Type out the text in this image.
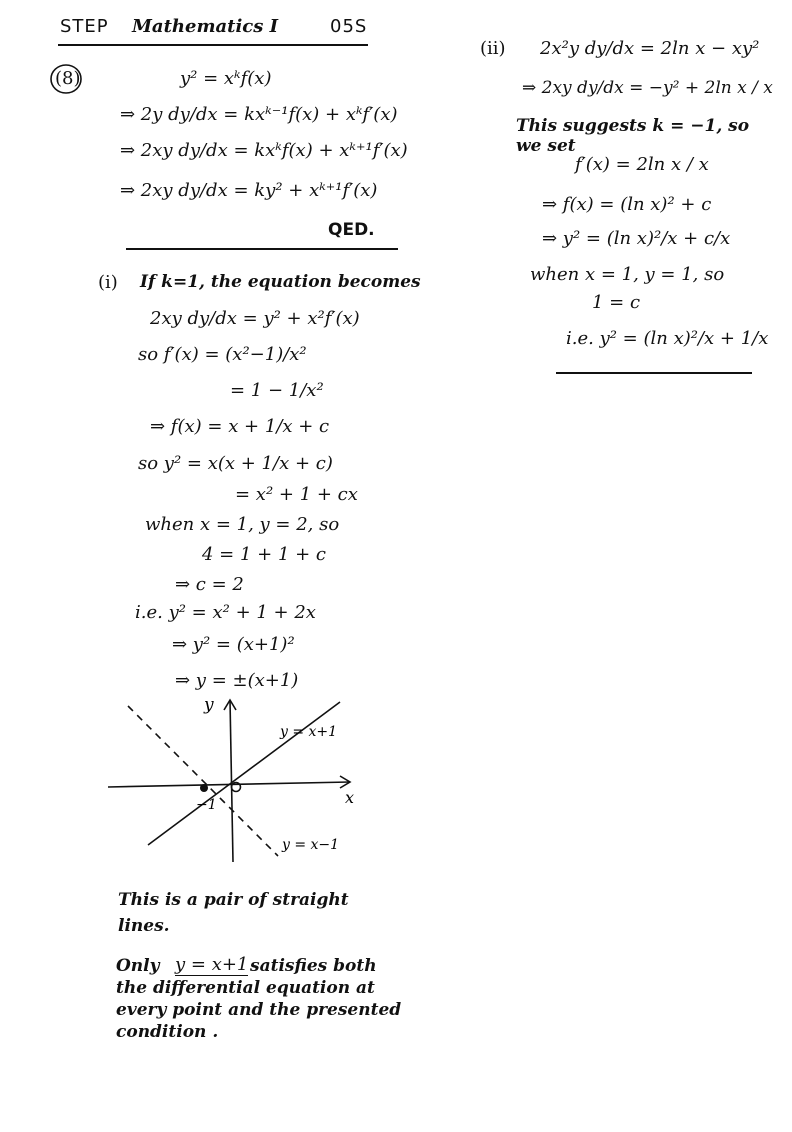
STEP Mathematics I	05S
(8)	y² = xᵏf(x)
⇒ 2y dy/dx = kxᵏ⁻¹f(x) + xᵏf′(x)
⇒ 2xy dy/dx = kxᵏf(x) + xᵏ⁺¹f′(x)
⇒ 2xy dy/dx = ky² + xᵏ⁺¹f′(x)
QED.
(i) If k=1, the equation becomes
2xy dy/dx = y² + x²f′(x)
so f′(x) = (x²−1)/x²
= 1 − 1/x²
⇒ f(x) = x + 1/x + c
so y² = x(x + 1/x + c)
= x² + 1 + cx
when x = 1, y = 2, so
4 = 1 + 1 + c
⇒ c = 2
i.e. y² = x² + 1 + 2x
⇒ y² = (x+1)²
⇒ y = ±(x+1)
y
x
y = x+1
y = x−1
−1
This is a pair of straight
lines.
Only y = x+1 satisfies both
the differential equation at
every point and the presented
condition .
(ii) 2x²y dy/dx = 2ln x − xy²
⇒ 2xy dy/dx = −y² + 2ln x / x
This suggests k = −1, so
we set
f′(x) = 2ln x / x
⇒ f(x) = (ln x)² + c
⇒ y² = (ln x)²/x + c/x
when x = 1, y = 1, so
1 = c
i.e. y² = (ln x)²/x + 1/x
